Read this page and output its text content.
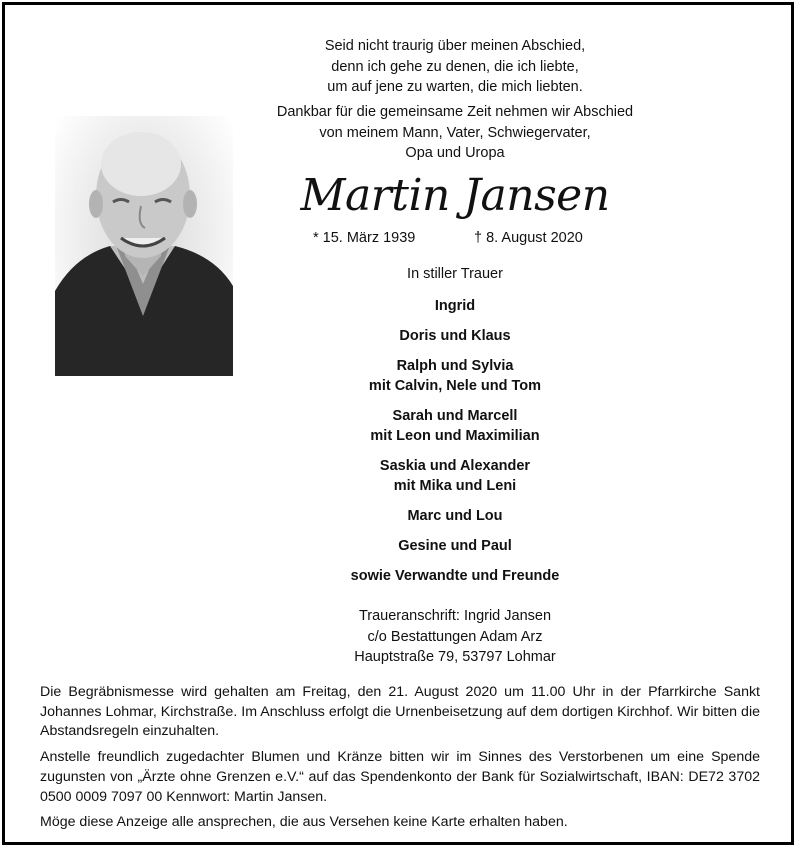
Seid nicht traurig über meinen Abschied,
denn ich gehe zu denen, die ich liebte,
um auf jene zu warten, die mich liebten.
Dankbar für die gemeinsame Zeit nehmen wir Abschied
von meinem Mann, Vater, Schwiegervater,
Opa und Uropa
Martin Jansen
* 15. März 1939	† 8. August 2020
In stiller Trauer
Ingrid
Doris und Klaus
Ralph und Sylvia
mit Calvin, Nele und Tom
Sarah und Marcell
mit Leon und Maximilian
Saskia und Alexander
mit Mika und Leni
Marc und Lou
Gesine und Paul
sowie Verwandte und Freunde
Traueranschrift: Ingrid Jansen
c/o Bestattungen Adam Arz
Hauptstraße 79, 53797 Lohmar

Die Begräbnismesse wird gehalten am Freitag, den 21. August 2020 um 11.00 Uhr in der Pfarrkirche Sankt Johannes Lohmar, Kirchstraße. Im Anschluss erfolgt die Urnenbeisetzung auf dem dortigen Kirchhof. Wir bitten die Abstandsregeln einzuhalten.

Anstelle freundlich zugedachter Blumen und Kränze bitten wir im Sinnes des Verstorbenen um eine Spende zugunsten von „Ärzte ohne Grenzen e.V.“ auf das Spendenkonto der Bank für Sozialwirtschaft, IBAN: DE72 3702 0500 0009 7097 00 Kennwort: Martin Jansen.

Möge diese Anzeige alle ansprechen, die aus Versehen keine Karte erhalten haben.
